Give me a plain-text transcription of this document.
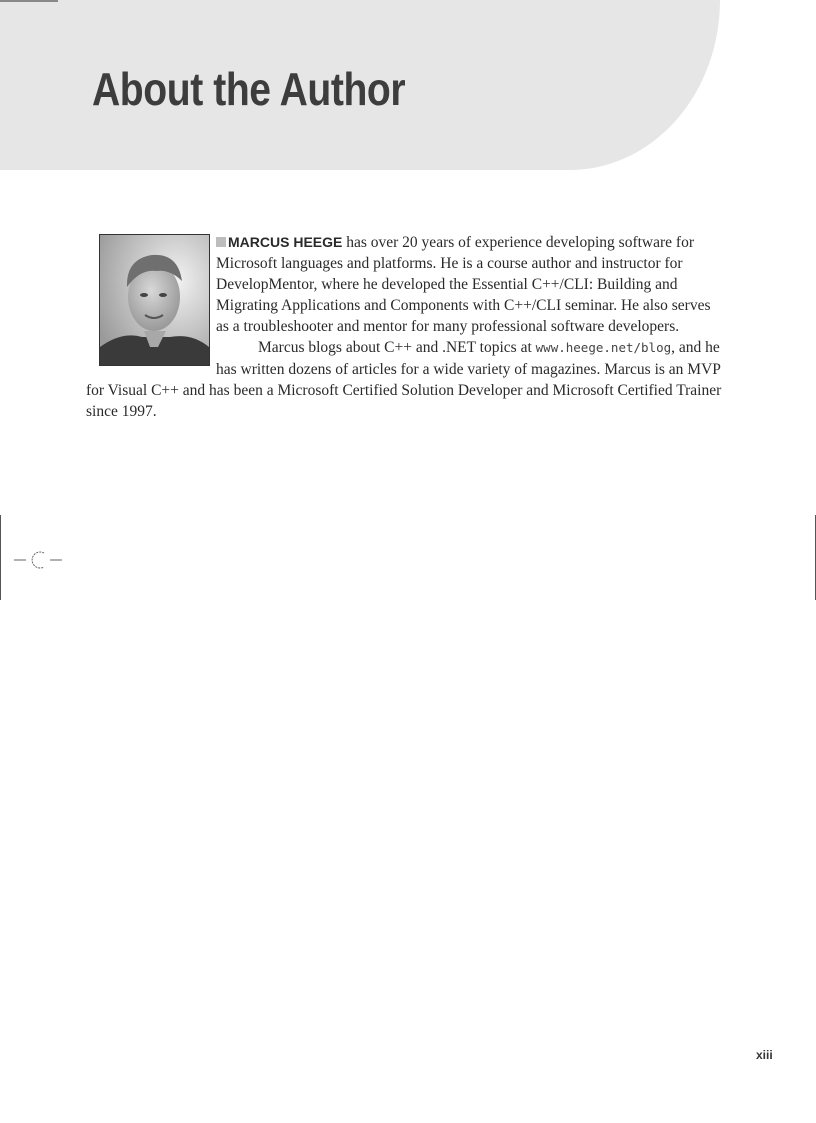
About the Author

MARCUS HEEGE has over 20 years of experience developing software for Microsoft languages and platforms. He is a course author and instructor for DevelopMentor, where he developed the Essential C++/CLI: Building and Migrating Applications and Components with C++/CLI seminar. He also serves as a troubleshooter and mentor for many professional software developers.

Marcus blogs about C++ and .NET topics at www.heege.net/blog, and he has written dozens of articles for a wide variety of magazines. Marcus is an MVP for Visual C++ and has been a Microsoft Certified Solution Developer and Microsoft Certified Trainer since 1997.

xiii
